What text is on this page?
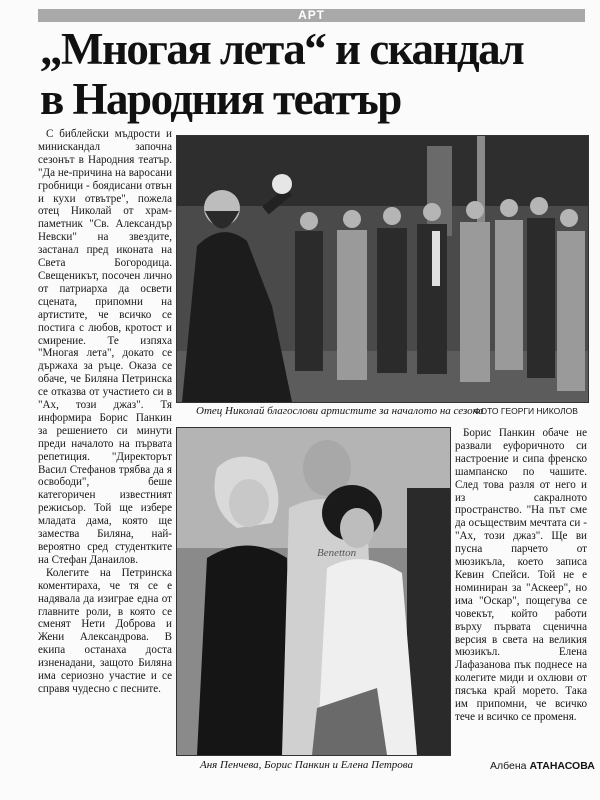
АРТ
„Многая лета“ и скандал
в Народния театър

С библейски мъдрости и минискандал започна сезонът в Народния театър. "Да не-причина на варосани гробници - боядисани отвън и кухи отвътре", пожела отец Николай от храм-паметник "Св. Александър Невски" на звездите, застанал пред иконата на Света Богородица. Свещеникът, посочен лично от патриарха да освети сцената, припомни на артистите, че всичко се постига с любов, кротост и смирение. Те изпяха "Многая лета", докато се държаха за ръце. Оказа се обаче, че Биляна Петринска се отказва от участието си в "Ах, този джаз". Тя информира Борис Панкин за решението си минути преди началото на първата репетиция. "Директорът Васил Стефанов трябва да я освободи", беше категоричен известният режисьор. Той ще избере младата дама, която ще замества Биляна, най-вероятно сред студентките на Стефан Данаилов.

Колегите на Петринска коментираха, че тя се е надявала да изиграе една от главните роли, в която се сменят Нети Доброва и Жени Александрова. В екипа останаха доста изненадани, защото Биляна има сериозно участие и се справя чудесно с песните.

Отец Николай благослови артистите за началото на сезона
ФОТО ГЕОРГИ НИКОЛОВ
Benetton
Аня Пенчева, Борис Панкин и Елена Петрова

Борис Панкин обаче не развали еуфоричното си настроение и сипа френско шампанско по чашите. След това разля от него и из сакралното пространство. "На път сме да осъществим мечтата си - "Ах, този джаз". Ще ви пусна парчето от мюзикъла, което записа Кевин Спейси. Той не е номиниран за "Аскеер", но има "Оскар", пощегува се човекът, който работи върху първата сценична версия в света на великия мюзикъл. Елена Лафазанова пък поднесе на колегите миди и охлюви от пясъка край морето. Така им припомни, че всичко тече и всичко се променя.

Албена АТАНАСОВА
